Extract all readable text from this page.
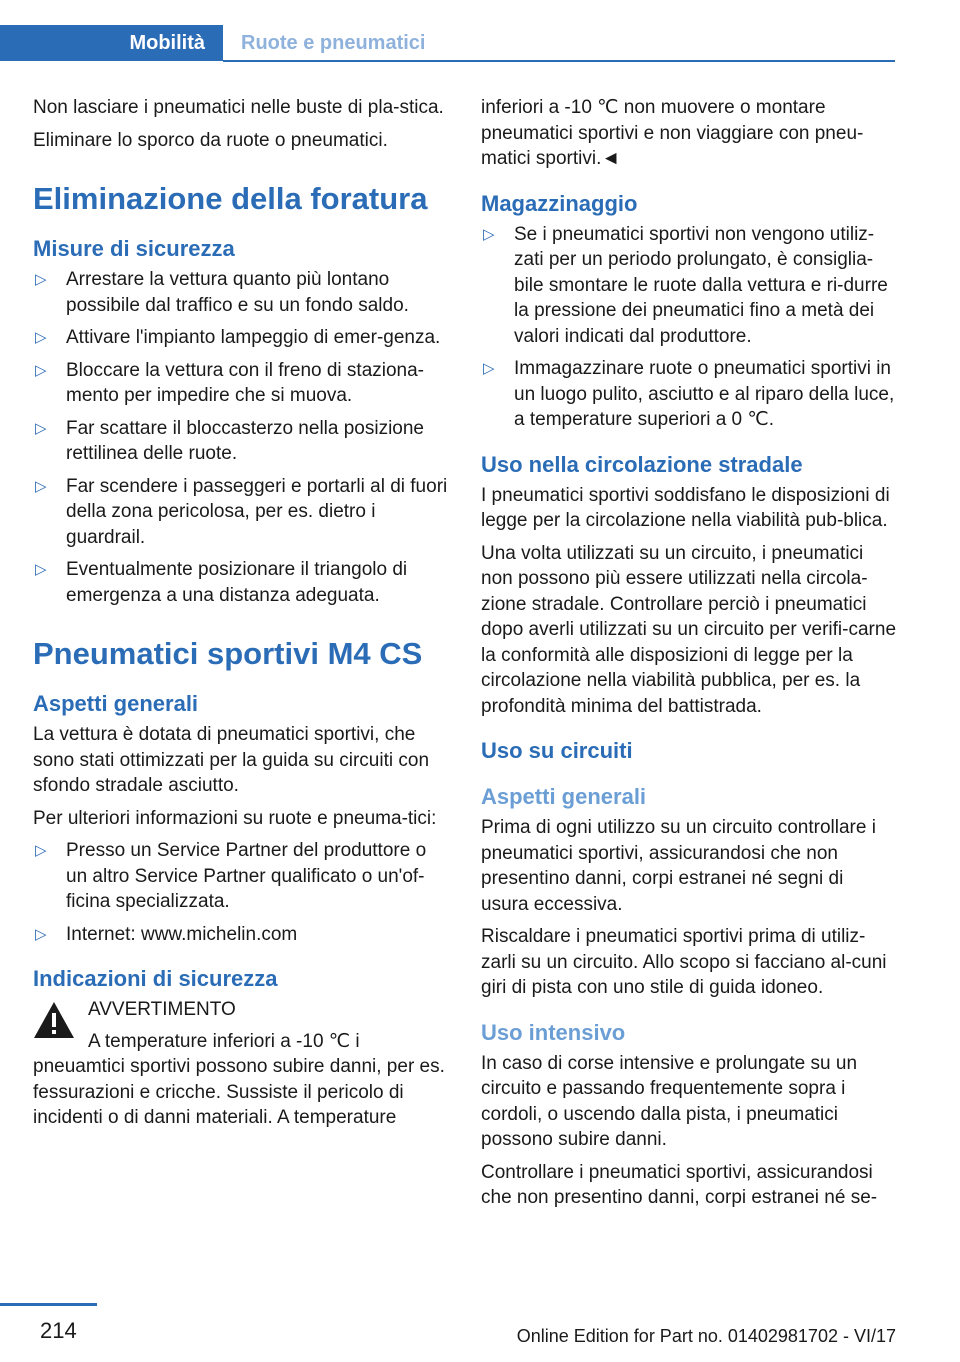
Mobilità	Ruote e pneumatici

Non lasciare i pneumatici nelle buste di pla‐stica.

Eliminare lo sporco da ruote o pneumatici.

Eliminazione della foratura
Misure di sicurezza
▷ Arrestare la vettura quanto più lontano possibile dal traffico e su un fondo saldo.
▷ Attivare l'impianto lampeggio di emer‐genza.
▷ Bloccare la vettura con il freno di staziona‐mento per impedire che si muova.
▷ Far scattare il bloccasterzo nella posizione rettilinea delle ruote.
▷ Far scendere i passeggeri e portarli al di fuori della zona pericolosa, per es. dietro i guardrail.
▷ Eventualmente posizionare il triangolo di emergenza a una distanza adeguata.
Pneumatici sportivi M4 CS
Aspetti generali

La vettura è dotata di pneumatici sportivi, che sono stati ottimizzati per la guida su circuiti con sfondo stradale asciutto.

Per ulteriori informazioni su ruote e pneuma‐tici:

▷ Presso un Service Partner del produttore o un altro Service Partner qualificato o un'of‐ficina specializzata.
▷ Internet: www.michelin.com
Indicazioni di sicurezza
AVVERTIMENTO
A temperature inferiori a ‑10 ℃ i pneuamtici sportivi possono subire danni, per es. fessurazioni e cricche. Sussiste il pericolo di incidenti o di danni materiali. A temperature

inferiori a ‑10 ℃ non muovere o montare pneumatici sportivi e non viaggiare con pneu‐matici sportivi.◄

Magazzinaggio
▷ Se i pneumatici sportivi non vengono utiliz‐zati per un periodo prolungato, è consiglia‐bile smontare le ruote dalla vettura e ri‐durre la pressione dei pneumatici fino a metà dei valori indicati dal produttore.
▷ Immagazzinare ruote o pneumatici sportivi in un luogo pulito, asciutto e al riparo della luce, a temperature superiori a 0 ℃.
Uso nella circolazione stradale

I pneumatici sportivi soddisfano le disposizioni di legge per la circolazione nella viabilità pub‐blica.

Una volta utilizzati su un circuito, i pneumatici non possono più essere utilizzati nella circola‐zione stradale. Controllare perciò i pneumatici dopo averli utilizzati su un circuito per verifi‐carne la conformità alle disposizioni di legge per la circolazione nella viabilità pubblica, per es. la profondità minima del battistrada.

Uso su circuiti
Aspetti generali

Prima di ogni utilizzo su un circuito controllare i pneumatici sportivi, assicurandosi che non presentino danni, corpi estranei né segni di usura eccessiva.

Riscaldare i pneumatici sportivi prima di utiliz‐zarli su un circuito. Allo scopo si facciano al‐cuni giri di pista con uno stile di guida idoneo.

Uso intensivo

In caso di corse intensive e prolungate su un circuito e passando frequentemente sopra i cordoli, o uscendo dalla pista, i pneumatici possono subire danni.

Controllare i pneumatici sportivi, assicurandosi che non presentino danni, corpi estranei né se‐

214	Online Edition for Part no. 01402981702 - VI/17
